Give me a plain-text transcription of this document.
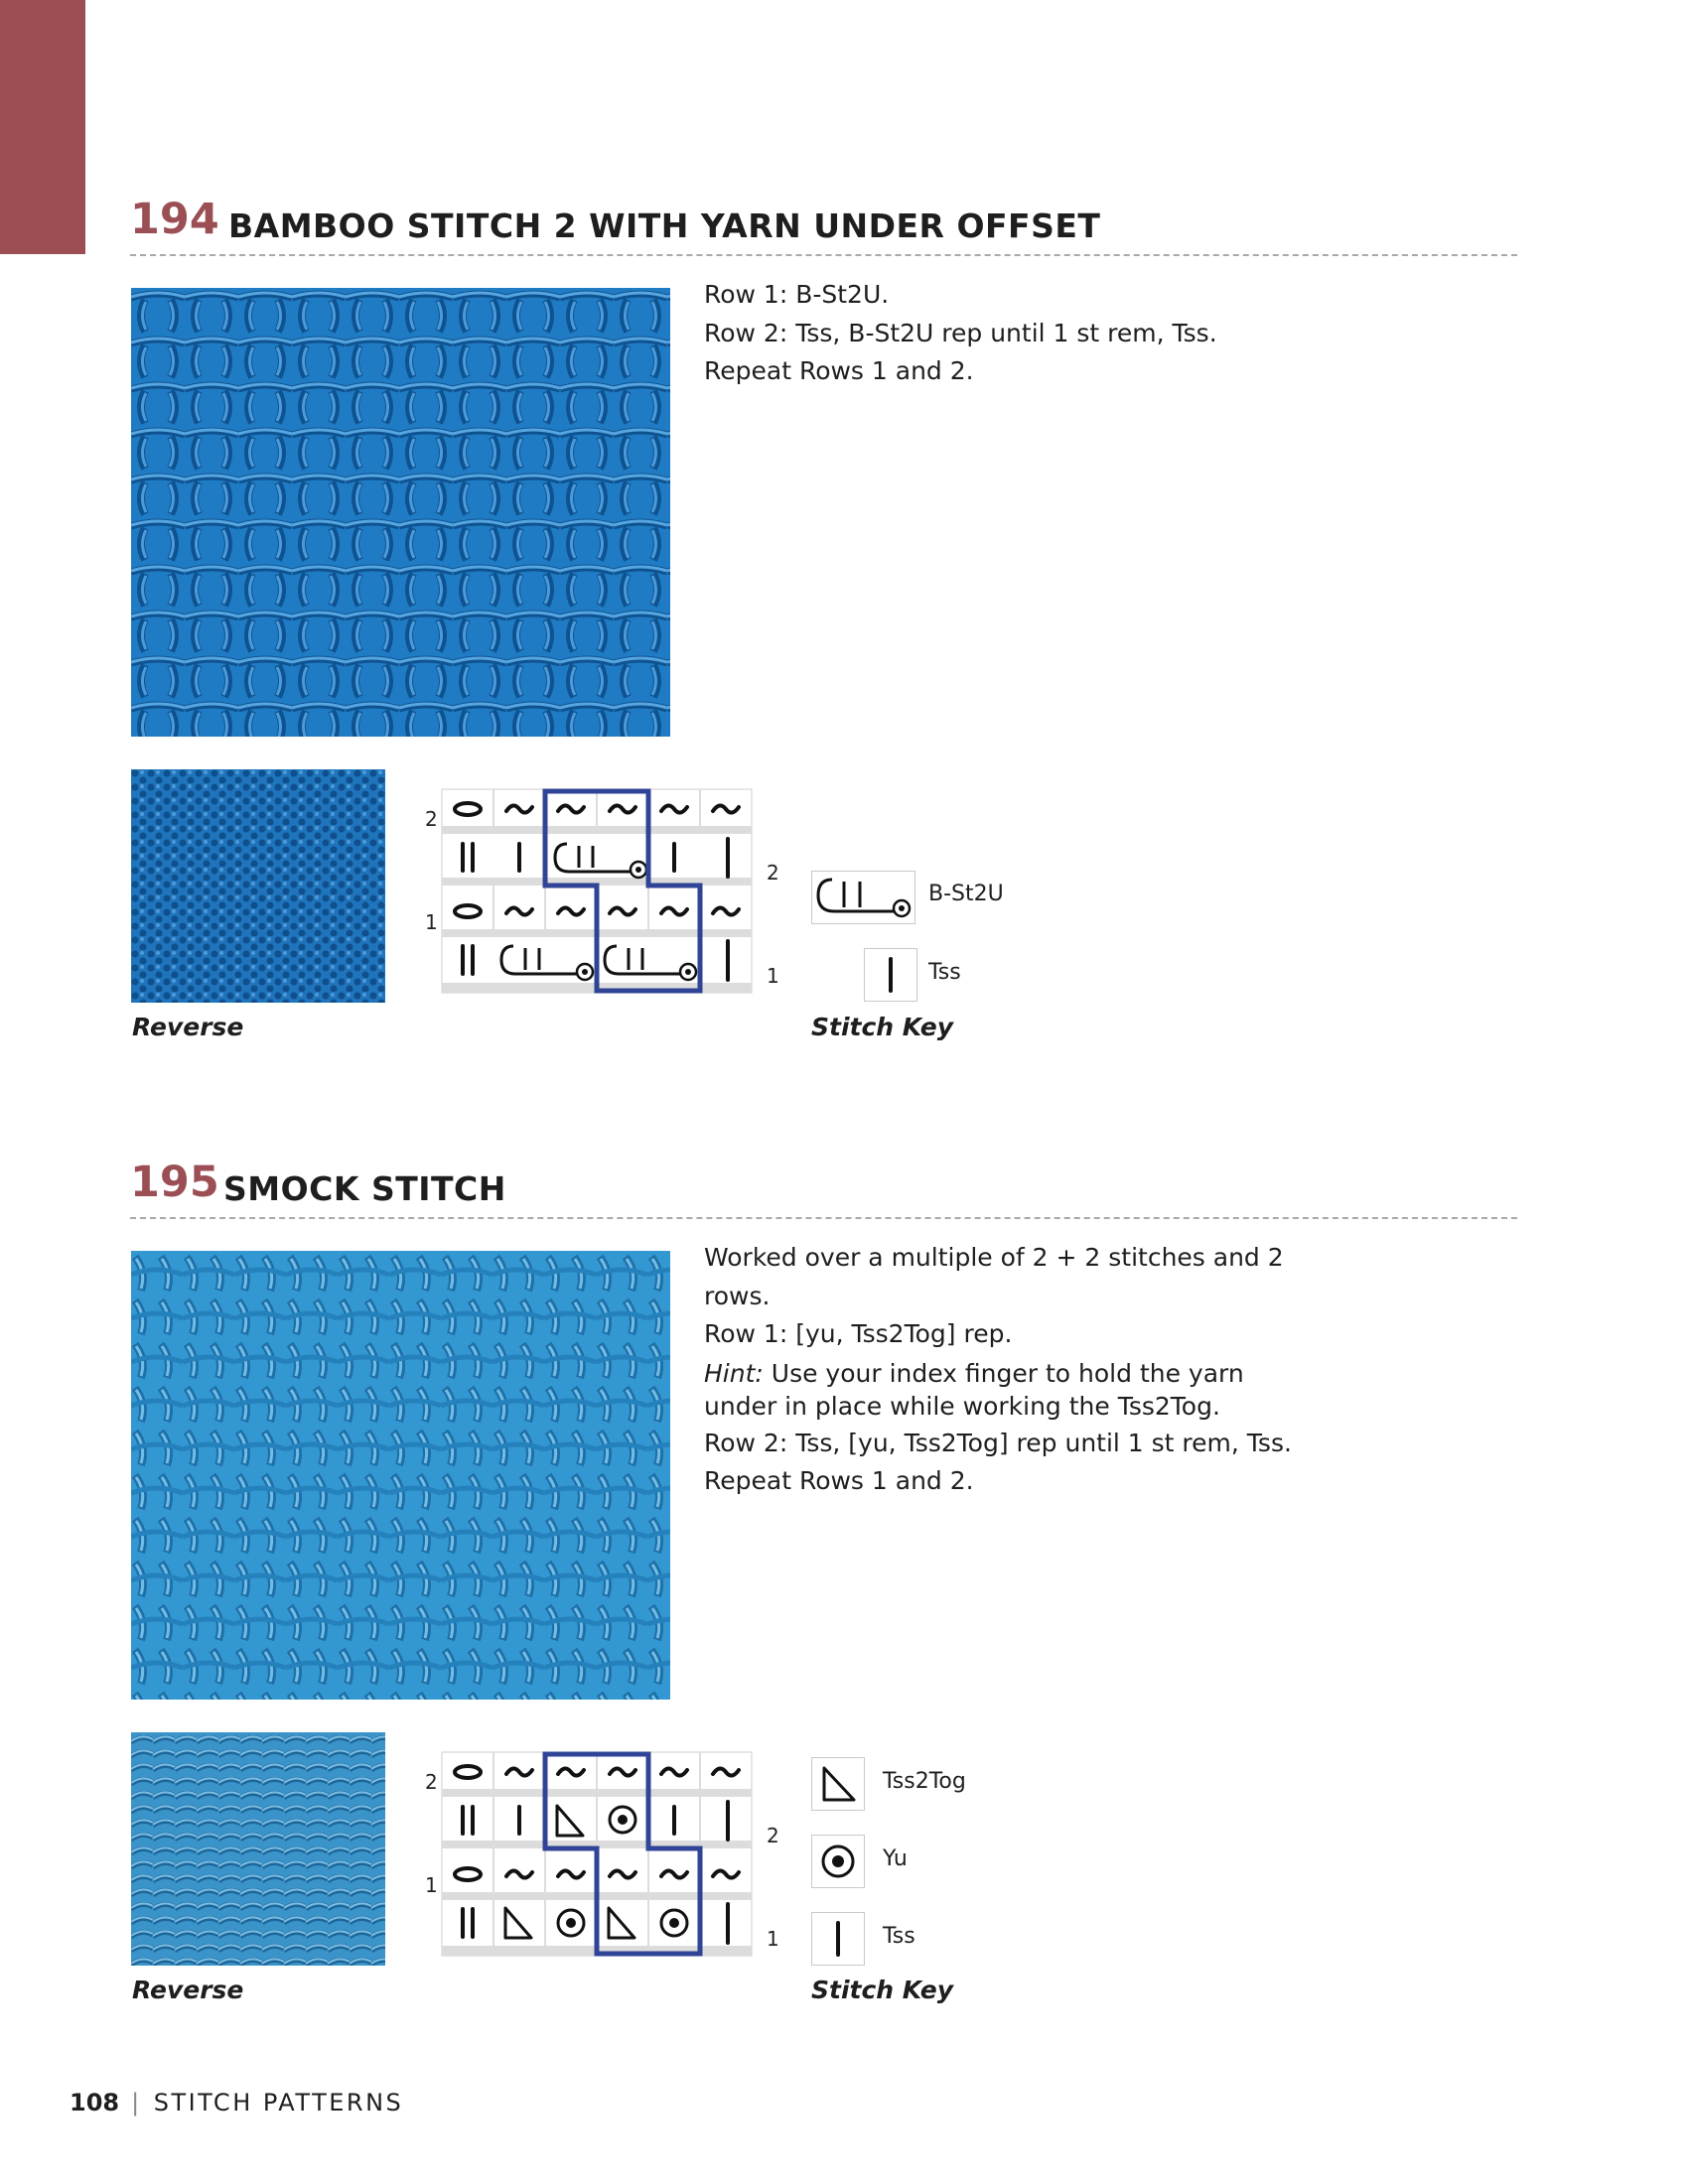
194 BAMBOO STITCH 2 WITH YARN UNDER OFFSET

Row 1: B-St2U.

Row 2: Tss, B-St2U rep until 1 st rem, Tss.

Repeat Rows 1 and 2.

Reverse
2
1
2
1
B-St2U
Tss
Stitch Key
195 SMOCK STITCH

Worked over a multiple of 2 + 2 stitches and 2 rows.

Row 1: [yu, Tss2Tog] rep.

Hint: Use your index finger to hold the yarn under in place while working the Tss2Tog.

Row 2: Tss, [yu, Tss2Tog] rep until 1 st rem, Tss.

Repeat Rows 1 and 2.

Reverse
2
1
2
1
Tss2Tog
Yu
Tss
Stitch Key
108 | STITCH PATTERNS
